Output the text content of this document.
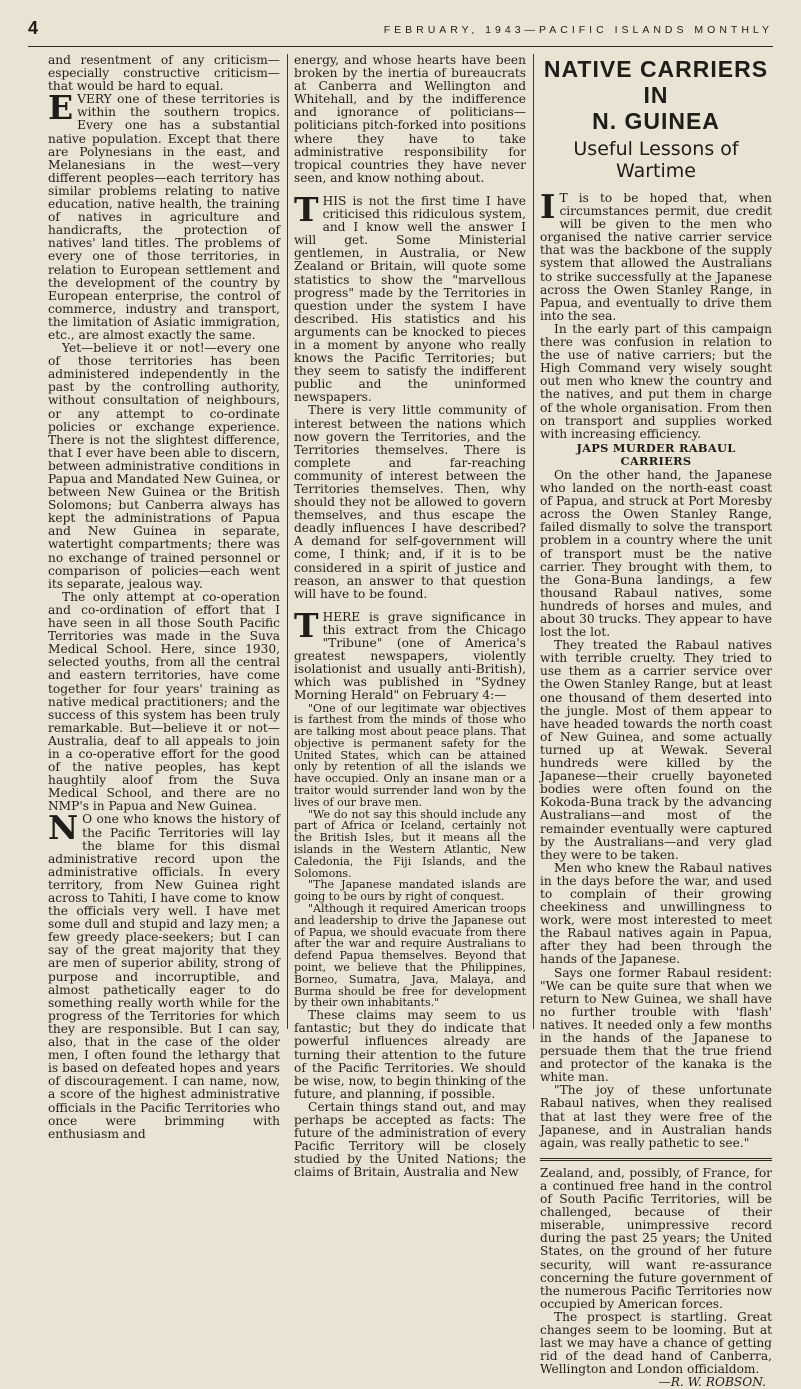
4	FEBRUARY, 1943—PACIFIC ISLANDS MONTHLY

and resentment of any criticism—especially constructive criticism—that would be hard to equal.

EVERY one of these territories is within the southern tropics. Every one has a substantial native population. Except that there are Polynesians in the east, and Melanesians in the west—very different peoples—each territory has similar problems relating to native education, native health, the training of natives in agriculture and handicrafts, the protection of natives' land titles. The problems of every one of those territories, in relation to European settlement and the development of the country by European enterprise, the control of commerce, industry and transport, the limitation of Asiatic immigration, etc., are almost exactly the same.

Yet—believe it or not!—every one of those territories has been administered independently in the past by the controlling authority, without consultation of neighbours, or any attempt to co-ordinate policies or exchange experience. There is not the slightest difference, that I ever have been able to discern, between administrative conditions in Papua and Mandated New Guinea, or between New Guinea or the British Solomons; but Canberra always has kept the administrations of Papua and New Guinea in separate, watertight compartments; there was no exchange of trained personnel or comparison of policies—each went its separate, jealous way.

The only attempt at co-operation and co-ordination of effort that I have seen in all those South Pacific Territories was made in the Suva Medical School. Here, since 1930, selected youths, from all the central and eastern territories, have come together for four years' training as native medical practitioners; and the success of this system has been truly remarkable. But—believe it or not—Australia, deaf to all appeals to join in a co-operative effort for the good of the native peoples, has kept haughtily aloof from the Suva Medical School, and there are no NMP's in Papua and New Guinea.

N O one who knows the history of the Pacific Territories will lay the blame for this dismal administrative record upon the administrative officials. In every territory, from New Guinea right across to Tahiti, I have come to know the officials very well. I have met some dull and stupid and lazy men; a few greedy place-seekers; but I can say of the great majority that they are men of superior ability, strong of purpose and incorruptible, and almost pathetically eager to do something really worth while for the progress of the Territories for which they are responsible. But I can say, also, that in the case of the older men, I often found the lethargy that is based on defeated hopes and years of discouragement. I can name, now, a score of the highest administrative officials in the Pacific Territories who once were brimming with enthusiasm and

energy, and whose hearts have been broken by the inertia of bureaucrats at Canberra and Wellington and Whitehall, and by the indifference and ignorance of politicians—politicians pitch-forked into positions where they have to take administrative responsibility for tropical countries they have never seen, and know nothing about.

THIS is not the first time I have criticised this ridiculous system, and I know well the answer I will get. Some Ministerial gentlemen, in Australia, or New Zealand or Britain, will quote some statistics to show the "marvellous progress" made by the Territories in question under the system I have described. His statistics and his arguments can be knocked to pieces in a moment by anyone who really knows the Pacific Territories; but they seem to satisfy the indifferent public and the uninformed newspapers.

There is very little community of interest between the nations which now govern the Territories, and the Territories themselves. There is complete and far-reaching community of interest between the Territories themselves. Then, why should they not be allowed to govern themselves, and thus escape the deadly influences I have described? A demand for self-government will come, I think; and, if it is to be considered in a spirit of justice and reason, an answer to that question will have to be found.

THERE is grave significance in this extract from the Chicago "Tribune" (one of America's greatest newspapers, violently isolationist and usually anti-British), which was published in "Sydney Morning Herald" on February 4:—

"One of our legitimate war objectives is farthest from the minds of those who are talking most about peace plans. That objective is permanent safety for the United States, which can be attained only by retention of all the islands we have occupied. Only an insane man or a traitor would surrender land won by the lives of our brave men.

"We do not say this should include any part of Africa or Iceland, certainly not the British Isles, but it means all the islands in the Western Atlantic, New Caledonia, the Fiji Islands, and the Solomons.

"The Japanese mandated islands are going to be ours by right of conquest.

"Although it required American troops and leadership to drive the Japanese out of Papua, we should evacuate from there after the war and require Australians to defend Papua themselves. Beyond that point, we believe that the Philippines, Borneo, Sumatra, Java, Malaya, and Burma should be free for development by their own inhabitants."

These claims may seem to us fantastic; but they do indicate that powerful influences already are turning their attention to the future of the Pacific Territories. We should be wise, now, to begin thinking of the future, and planning, if possible.

Certain things stand out, and may perhaps be accepted as facts: The future of the administration of every Pacific Territory will be closely studied by the United Nations; the claims of Britain, Australia and New

NATIVE CARRIERS IN
N. GUINEA
Useful Lessons of
Wartime

I T is to be hoped that, when circumstances permit, due credit will be given to the men who organised the native carrier service that was the backbone of the supply system that allowed the Australians to strike successfully at the Japanese across the Owen Stanley Range, in Papua, and eventually to drive them into the sea.

In the early part of this campaign there was confusion in relation to the use of native carriers; but the High Command very wisely sought out men who knew the country and the natives, and put them in charge of the whole organisation. From then on transport and supplies worked with increasing efficiency.

JAPS MURDER RABAUL CARRIERS

On the other hand, the Japanese who landed on the north-east coast of Papua, and struck at Port Moresby across the Owen Stanley Range, failed dismally to solve the transport problem in a country where the unit of transport must be the native carrier. They brought with them, to the Gona-Buna landings, a few thousand Rabaul natives, some hundreds of horses and mules, and about 30 trucks. They appear to have lost the lot.

They treated the Rabaul natives with terrible cruelty. They tried to use them as a carrier service over the Owen Stanley Range, but at least one thousand of them deserted into the jungle. Most of them appear to have headed towards the north coast of New Guinea, and some actually turned up at Wewak. Several hundreds were killed by the Japanese—their cruelly bayoneted bodies were often found on the Kokoda-Buna track by the advancing Australians—and most of the remainder eventually were captured by the Australians—and very glad they were to be taken.

Men who knew the Rabaul natives in the days before the war, and used to complain of their growing cheekiness and unwillingness to work, were most interested to meet the Rabaul natives again in Papua, after they had been through the hands of the Japanese.

Says one former Rabaul resident: "We can be quite sure that when we return to New Guinea, we shall have no further trouble with 'flash' natives. It needed only a few months in the hands of the Japanese to persuade them that the true friend and protector of the kanaka is the white man.

"The joy of these unfortunate Rabaul natives, when they realised that at last they were free of the Japanese, and in Australian hands again, was really pathetic to see."

Zealand, and, possibly, of France, for a continued free hand in the control of South Pacific Territories, will be challenged, because of their miserable, unimpressive record during the past 25 years; the United States, on the ground of her future security, will want re-assurance concerning the future government of the numerous Pacific Territories now occupied by American forces.

The prospect is startling. Great changes seem to be looming. But at last we may have a chance of getting rid of the dead hand of Canberra, Wellington and London officialdom.

—R. W. ROBSON.
